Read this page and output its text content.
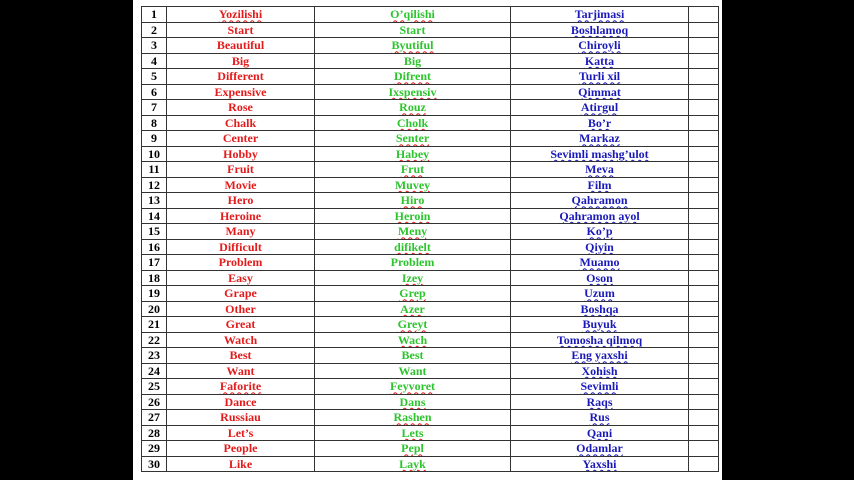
1	Yozilishi	O’qilishi	Tarjimasi	
2	Start	Start	Boshlamoq	
3	Beautiful	Byutiful	Chiroyli	
4	Big	Big	Katta	
5	Different	Difrent	Turli xil	
6	Expensive	Ixspensiv	Qimmat	
7	Rose	Rouz	Atirgul	
8	Chalk	Cholk	Bo’r	
9	Center	Senter	Markaz	
10	Hobby	Habey	Sevimli mashg’ulot	
11	Fruit	Frut	Meva	
12	Movie	Muvey	Film	
13	Hero	Hiro	Qahramon	
14	Heroine	Heroin	Qahramon ayol	
15	Many	Meny	Ko’p	
16	Difficult	difikelt	Qiyin	
17	Problem	Problem	Muamo	
18	Easy	Izey	Oson	
19	Grape	Grep	Uzum	
20	Other	Azer	Boshqa	
21	Great	Greyt	Buyuk	
22	Watch	Wach	Tomosha qilmoq	
23	Best	Best	Eng yaxshi	
24	Want	Want	Xohish	
25	Faforite	Feyvoret	Sevimli	
26	Dance	Dans	Raqs	
27	Russiau	Rashen	Rus	
28	Let’s	Lets	Qani	
29	People	Pepl	Odamlar	
30	Like	Layk	Yaxshi	
